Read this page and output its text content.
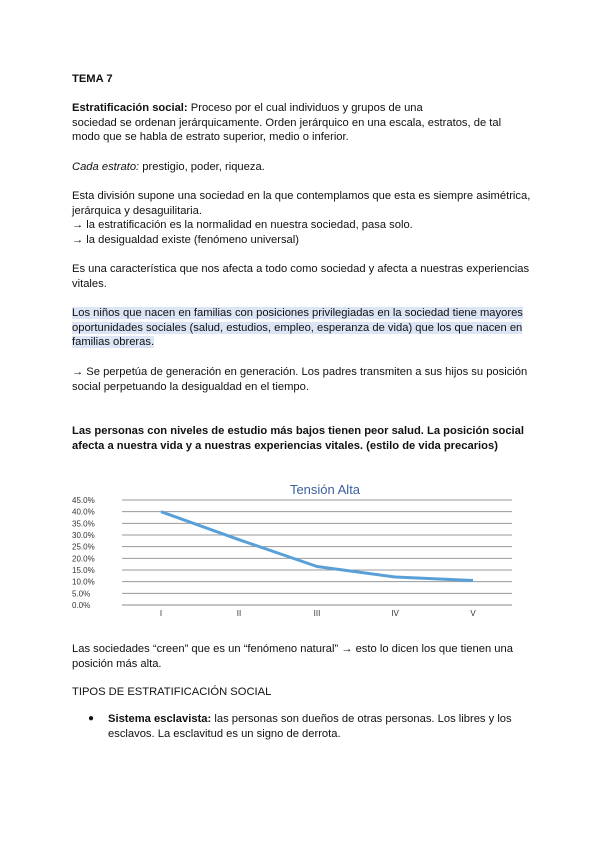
TEMA 7
Estratificación social: Proceso por el cual individuos y grupos de una
sociedad se ordenan jerárquicamente. Orden jerárquico en una escala, estratos, de tal
modo que se habla de estrato superior, medio o inferior.
Cada estrato: prestigio, poder, riqueza.
Esta división supone una sociedad en la que contemplamos que esta es siempre asimétrica,
jerárquica y desaguilitaria.
→ la estratificación es la normalidad en nuestra sociedad, pasa solo.
→ la desigualdad existe (fenómeno universal)
Es una característica que nos afecta a todo como sociedad y afecta a nuestras experiencias
vitales.
Los niños que nacen en familias con posiciones privilegiadas en la sociedad tiene mayores
oportunidades sociales (salud, estudios, empleo, esperanza de vida) que los que nacen en
familias obreras.
→ Se perpetúa de generación en generación. Los padres transmiten a sus hijos su posición
social perpetuando la desigualdad en el tiempo.
Las personas con niveles de estudio más bajos tienen peor salud. La posición social
afecta a nuestra vida y a nuestras experiencias vitales. (estilo de vida precarios)
Tensión Alta
0.0%
5.0%
10.0%
15.0%
20.0%
25.0%
30.0%
35.0%
40.0%
45.0%
I	II	III	IV	V
Las sociedades “creen” que es un “fenómeno natural” → esto lo dicen los que tienen una
posición más alta.
TIPOS DE ESTRATIFICACIÓN SOCIAL
● Sistema esclavista: las personas son dueños de otras personas. Los libres y los
esclavos. La esclavitud es un signo de derrota.
